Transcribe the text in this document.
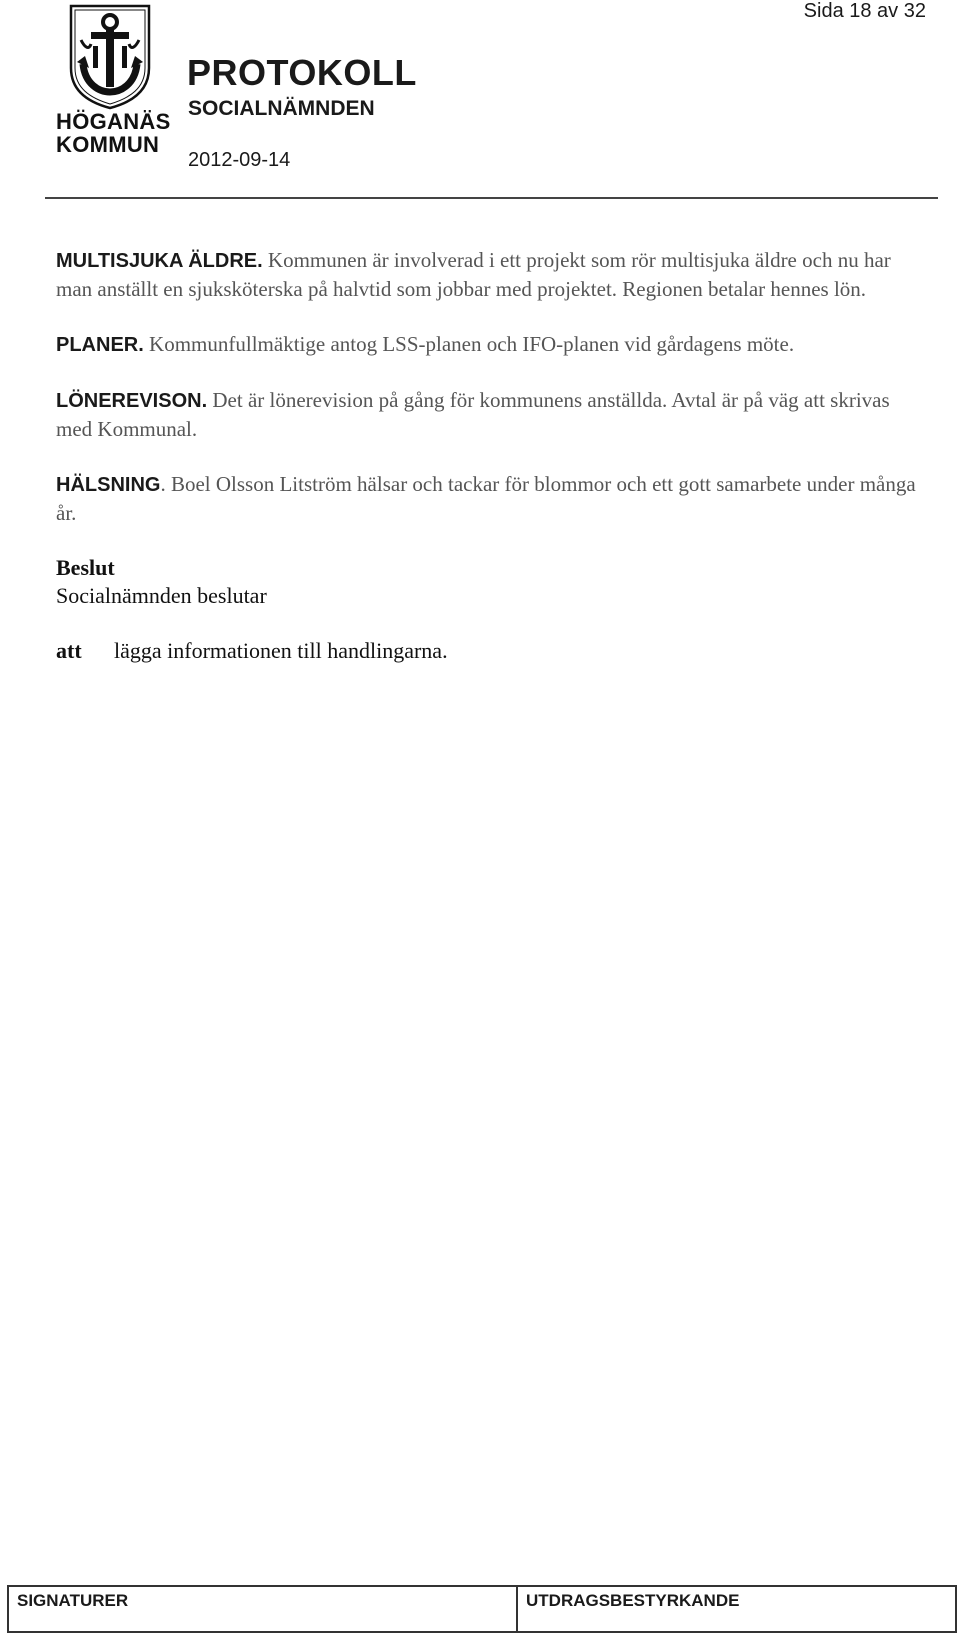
Sida 18 av 32
HÖGANÄS
KOMMUN
PROTOKOLL
SOCIALNÄMNDEN
2012-09-14

MULTISJUKA ÄLDRE. Kommunen är involverad i ett projekt som rör multisjuka äldre och nu har man anställt en sjuksköterska på halvtid som jobbar med projektet. Regionen betalar hennes lön.

PLANER. Kommunfullmäktige antog LSS-planen och IFO-planen vid gårdagens möte.

LÖNEREVISON. Det är lönerevision på gång för kommunens anställda. Avtal är på väg att skrivas med Kommunal.

HÄLSNING. Boel Olsson Litström hälsar och tackar för blommor och ett gott samarbete under många år.

Beslut
Socialnämnden beslutar
att	lägga informationen till handlingarna.
SIGNATURER	UTDRAGSBESTYRKANDE
